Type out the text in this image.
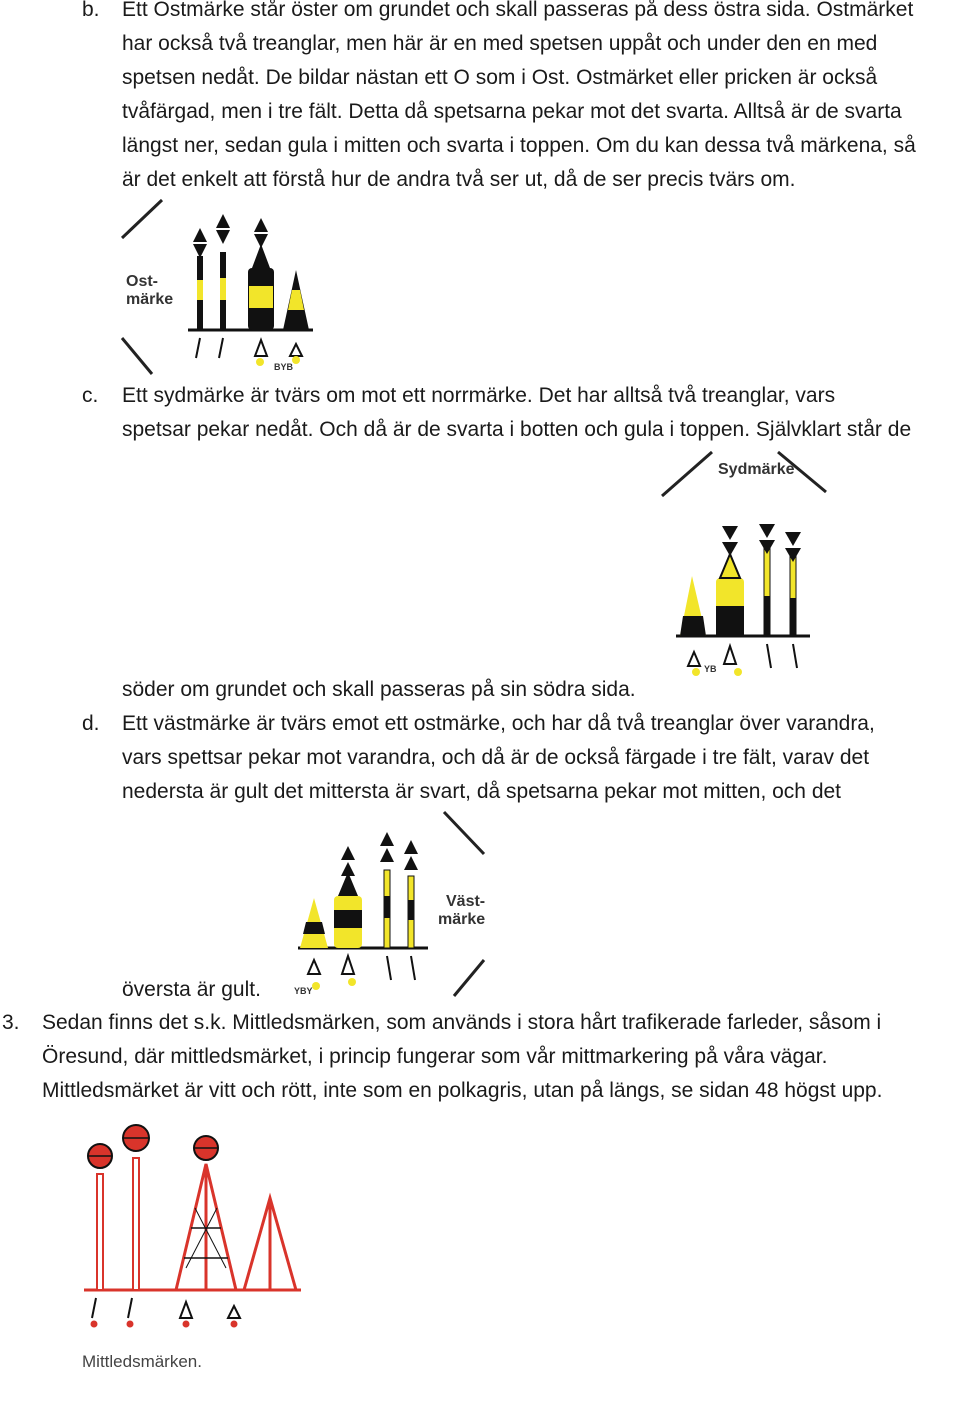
b.	Ett Ostmärke står öster om grundet och skall passeras på dess östra sida. Ostmärket
har också två treanglar, men här är en med spetsen uppåt och under den en med
spetsen nedåt. De bildar nästan ett O som i Ost. Ostmärket eller pricken är också
tvåfärgad, men i tre fält. Detta då spetsarna pekar mot det svarta. Alltså är de svarta
längst ner, sedan gula i mitten och svarta i toppen. Om du kan dessa två märkena, så
är det enkelt att förstå hur de andra två ser ut, då de ser precis tvärs om.
Ost-
märke
BYB
c.	Ett sydmärke är tvärs om mot ett norrmärke. Det har alltså två treanglar, vars
spetsar pekar nedåt. Och då är de svarta i botten och gula i toppen. Självklart står de
söder om grundet och skall passeras på sin södra sida.
Sydmärke
YB
d.	Ett västmärke är tvärs emot ett ostmärke, och har då två treanglar över varandra,
vars spettsar pekar mot varandra, och då är de också färgade i tre fält, varav det
nedersta är gult det mittersta är svart, då spetsarna pekar mot mitten, och det
översta är gult.
Väst-
märke
YBY
3.	Sedan finns det s.k. Mittledsmärken, som används i stora hårt trafikerade farleder, såsom i
Öresund, där mittledsmärket, i princip fungerar som vår mittmarkering på våra vägar.
Mittledsmärket är vitt och rött, inte som en polkagris, utan på längs, se sidan 48 högst upp.
Mittledsmärken.
